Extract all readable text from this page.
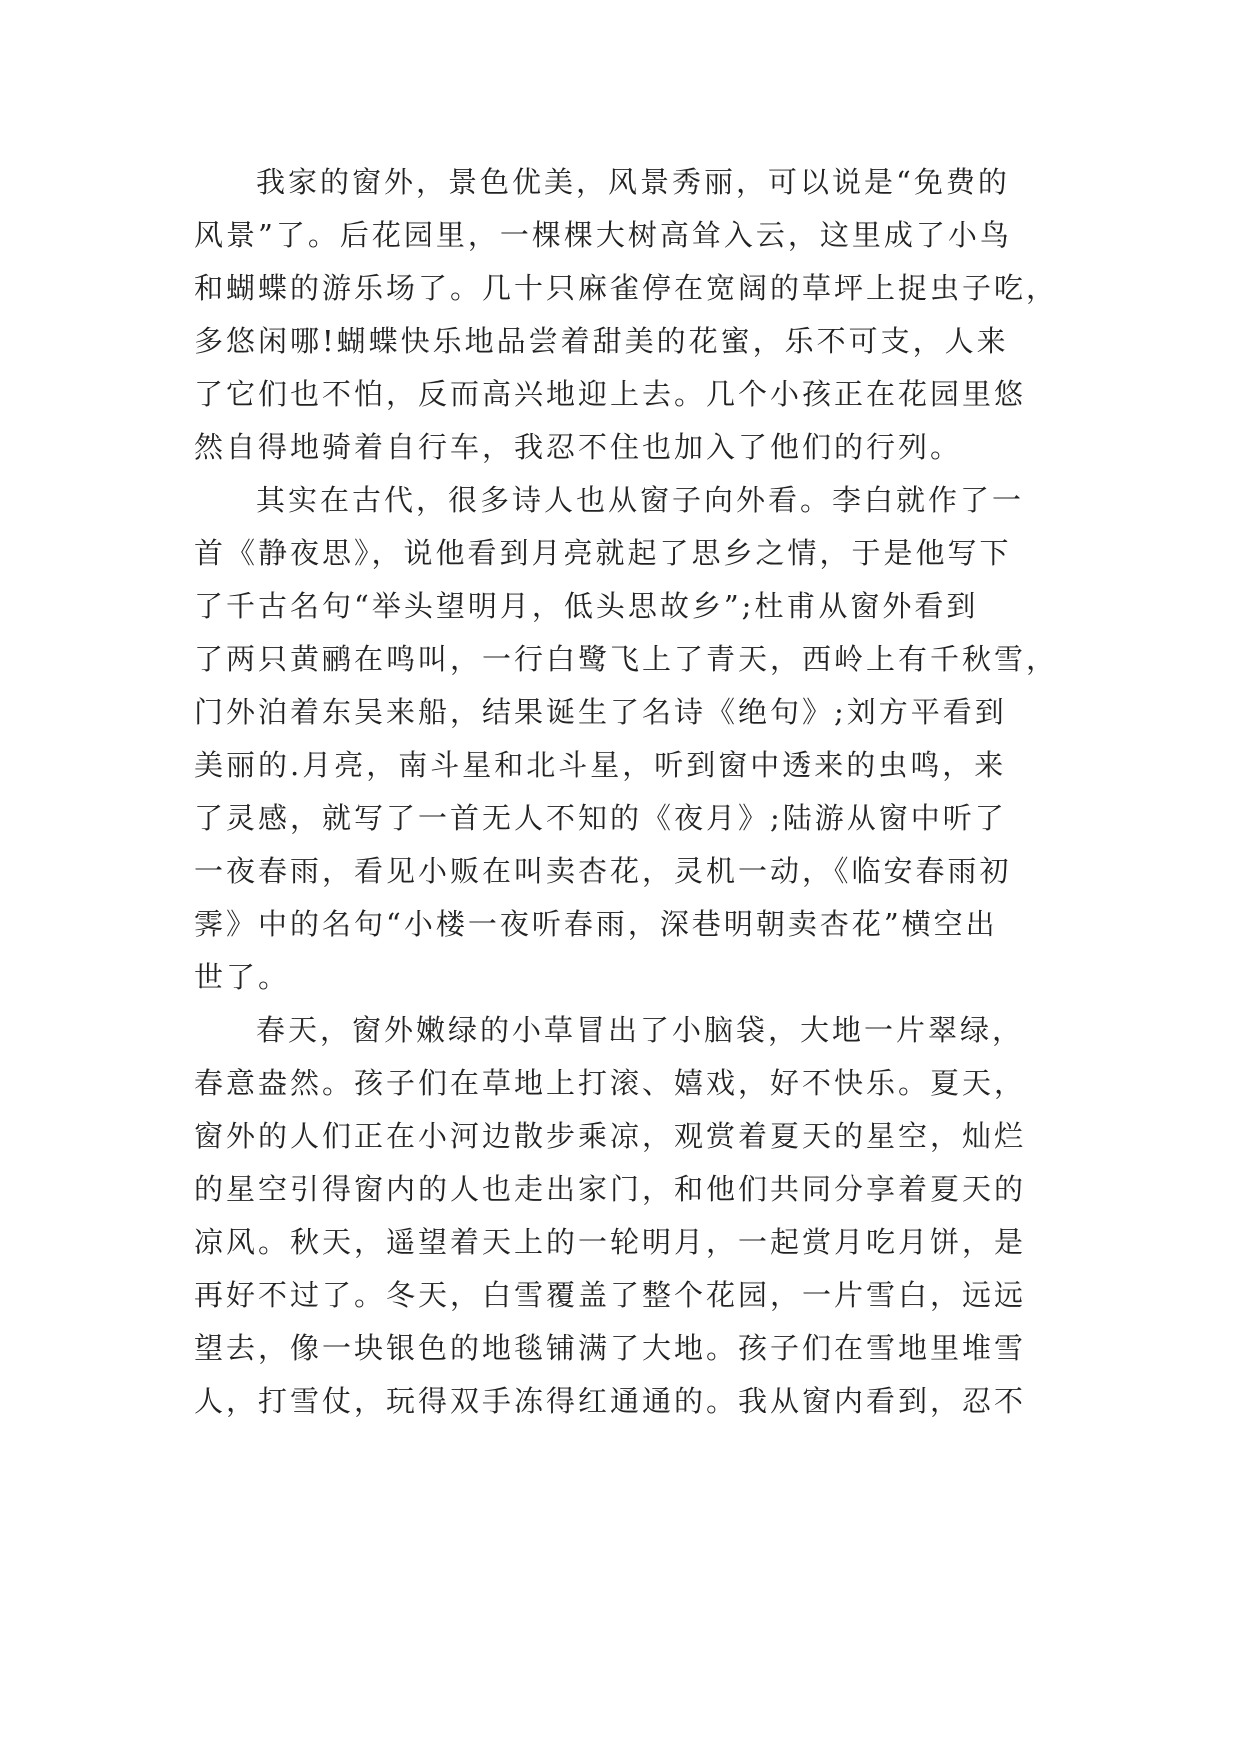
我家的窗外，景色优美，风景秀丽，可以说是“免费的
风景”了。后花园里，一棵棵大树高耸入云，这里成了小鸟
和蝴蝶的游乐场了。几十只麻雀停在宽阔的草坪上捉虫子吃，
多悠闲哪!蝴蝶快乐地品尝着甜美的花蜜，乐不可支，人来
了它们也不怕，反而高兴地迎上去。几个小孩正在花园里悠
然自得地骑着自行车，我忍不住也加入了他们的行列。
其实在古代，很多诗人也从窗子向外看。李白就作了一
首《静夜思》，说他看到月亮就起了思乡之情，于是他写下
了千古名句“举头望明月，低头思故乡”;杜甫从窗外看到
了两只黄鹂在鸣叫，一行白鹭飞上了青天，西岭上有千秋雪，
门外泊着东吴来船，结果诞生了名诗《绝句》;刘方平看到
美丽的.月亮，南斗星和北斗星，听到窗中透来的虫鸣，来
了灵感，就写了一首无人不知的《夜月》;陆游从窗中听了
一夜春雨，看见小贩在叫卖杏花，灵机一动，《临安春雨初
霁》中的名句“小楼一夜听春雨，深巷明朝卖杏花”横空出
世了。
春天，窗外嫩绿的小草冒出了小脑袋，大地一片翠绿，
春意盎然。孩子们在草地上打滚、嬉戏，好不快乐。夏天，
窗外的人们正在小河边散步乘凉，观赏着夏天的星空，灿烂
的星空引得窗内的人也走出家门，和他们共同分享着夏天的
凉风。秋天，遥望着天上的一轮明月，一起赏月吃月饼，是
再好不过了。冬天，白雪覆盖了整个花园，一片雪白，远远
望去，像一块银色的地毯铺满了大地。孩子们在雪地里堆雪
人，打雪仗，玩得双手冻得红通通的。我从窗内看到，忍不
